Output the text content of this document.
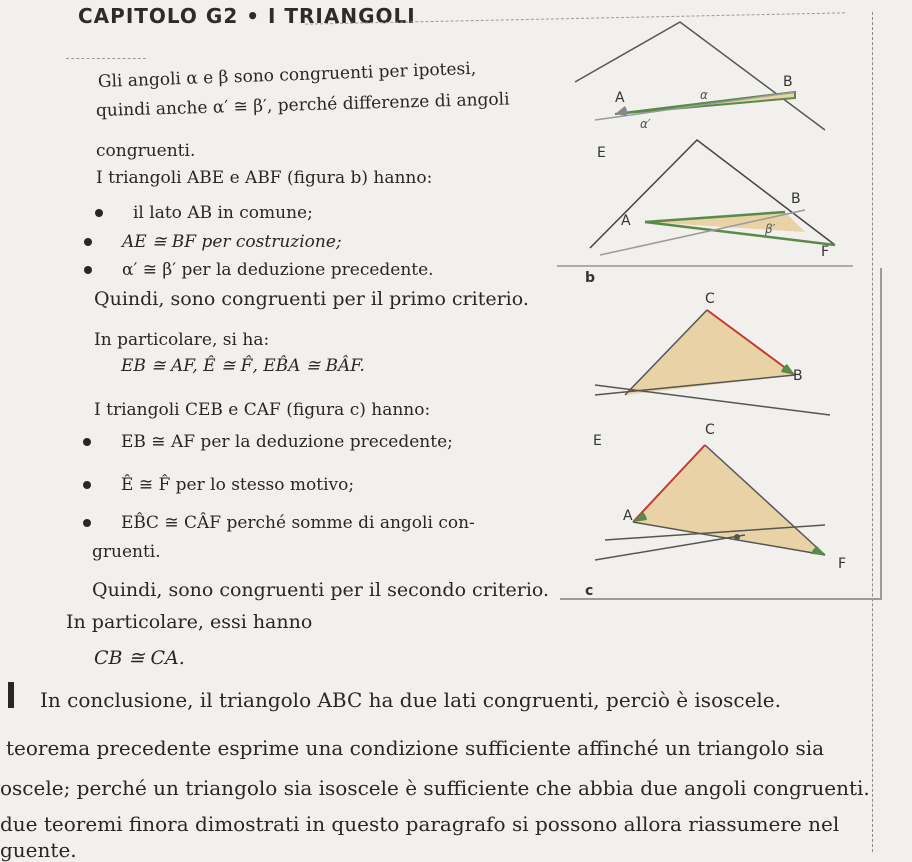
CAPITOLO G2 • I TRIANGOLI
Gli angoli α e β sono congruenti per ipotesi,
quindi anche α′ ≅ β′, perché differenze di angoli
congruenti.
I triangoli ABE e ABF (figura b) hanno:
il lato AB in comune;
AE ≅ BF per costruzione;
α′ ≅ β′ per la deduzione precedente.
Quindi, sono congruenti per il primo criterio.
In particolare, si ha:
EB ≅ AF, Ê ≅ F̂, EB̂A ≅ BÂF.
I triangoli CEB e CAF (figura c) hanno:
EB ≅ AF per la deduzione precedente;
Ê ≅ F̂ per lo stesso motivo;
EB̂C ≅ CÂF perché somme di angoli con-
gruenti.
Quindi, sono congruenti per il secondo criterio.
In particolare, essi hanno
CB ≅ CA.
In conclusione, il triangolo ABC ha due lati congruenti, perciò è isoscele.
teorema precedente esprime una condizione sufficiente affinché un triangolo sia
oscele; perché un triangolo sia isoscele è sufficiente che abbia due angoli congruenti.
due teoremi finora dimostrati in questo paragrafo si possono allora riassumere nel
guente.
A
B
α′
α
E
B
A
F
β′
b
C
B
C
E
A
F
c
